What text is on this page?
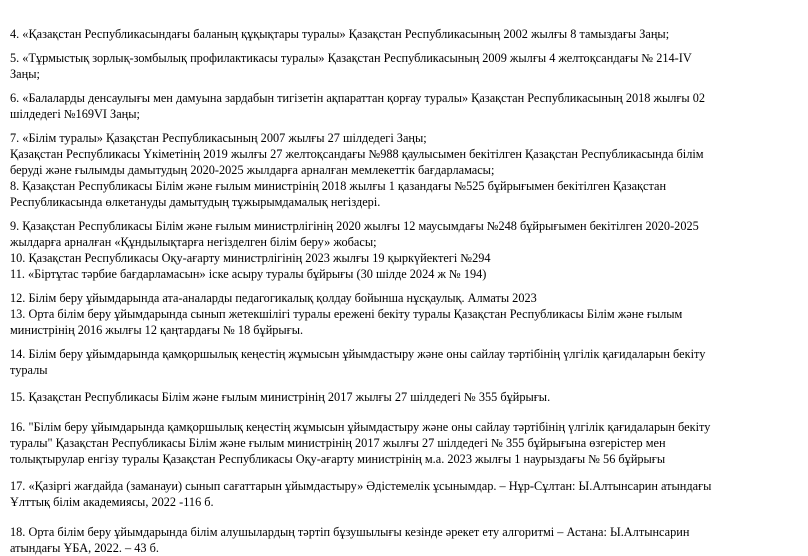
4. «Қазақстан Республикасындағы баланың құқықтары туралы» Қазақстан Республикасының 2002 жылғы 8 тамыздағы Заңы;

5. «Тұрмыстық зорлық-зомбылық профилактикасы туралы» Қазақстан Республикасының 2009 жылғы 4 желтоқсандағы № 214-IV
Заңы;

6. «Балаларды денсаулығы мен дамуына зардабын тигізетін ақпараттан қорғау туралы» Қазақстан Республикасының 2018 жылғы 02
шілдедегі №169VI Заңы;

7. «Білім туралы» Қазақстан Республикасының 2007 жылғы 27 шілдедегі Заңы;
Қазақстан Республикасы Үкіметінің 2019 жылғы 27 желтоқсандағы №988 қаулысымен бекітілген Қазақстан Республикасында білім
беруді және ғылымды дамытудың 2020-2025 жылдарға арналған мемлекеттік бағдарламасы;

8. Қазақстан Республикасы Білім және ғылым министрінің 2018 жылғы 1 қазандағы №525 бұйрығымен бекітілген Қазақстан
Республикасында өлкетануды дамытудың тұжырымдамалық негіздері.

9. Қазақстан Республикасы Білім және ғылым министрлігінің 2020 жылғы 12 маусымдағы №248 бұйрығымен бекітілген 2020-2025
жылдарға арналған «Құндылықтарға негізделген білім беру» жобасы;

10. Қазақстан Республикасы Оқу-ағарту министрлігінің 2023 жылғы 19 қыркүйектегі №294

11. «Біртұтас тәрбие бағдарламасын» іске асыру туралы бұйрығы (30 шілде 2024 ж № 194)

12. Білім беру ұйымдарында ата-аналарды педагогикалық қолдау бойынша нұсқаулық. Алматы 2023

13. Орта білім беру ұйымдарында сынып жетекшілігі туралы ережені бекіту туралы Қазақстан Республикасы Білім және ғылым
министрінің 2016 жылғы 12 қаңтардағы № 18 бұйрығы.

14. Білім беру ұйымдарында қамқоршылық кеңестің жұмысын ұйымдастыру және оны сайлау тәртібінің үлгілік қағидаларын бекіту
туралы

15. Қазақстан Республикасы Білім және ғылым министрінің 2017 жылғы 27 шілдедегі № 355 бұйрығы.

16. "Білім беру ұйымдарында қамқоршылық кеңестің жұмысын ұйымдастыру және оны сайлау тәртібінің үлгілік қағидаларын бекіту
туралы" Қазақстан Республикасы Білім және ғылым министрінің 2017 жылғы 27 шілдедегі № 355 бұйрығына өзгерістер мен
толықтырулар енгізу туралы Қазақстан Республикасы Оқу-ағарту министрінің м.а. 2023 жылғы 1 наурыздағы № 56 бұйрығы

17. «Қазіргі жағдайда (заманауи) сынып сағаттарын ұйымдастыру» Әдістемелік ұсынымдар. – Нұр-Сұлтан: Ы.Алтынсарин атындағы
Ұлттық білім академиясы, 2022 -116 б.

18. Орта білім беру ұйымдарында білім алушылардың тәртіп бұзушылығы кезінде әрекет ету алгоритмі – Астана: Ы.Алтынсарин
атындағы ҰБА, 2022. – 43 б.
